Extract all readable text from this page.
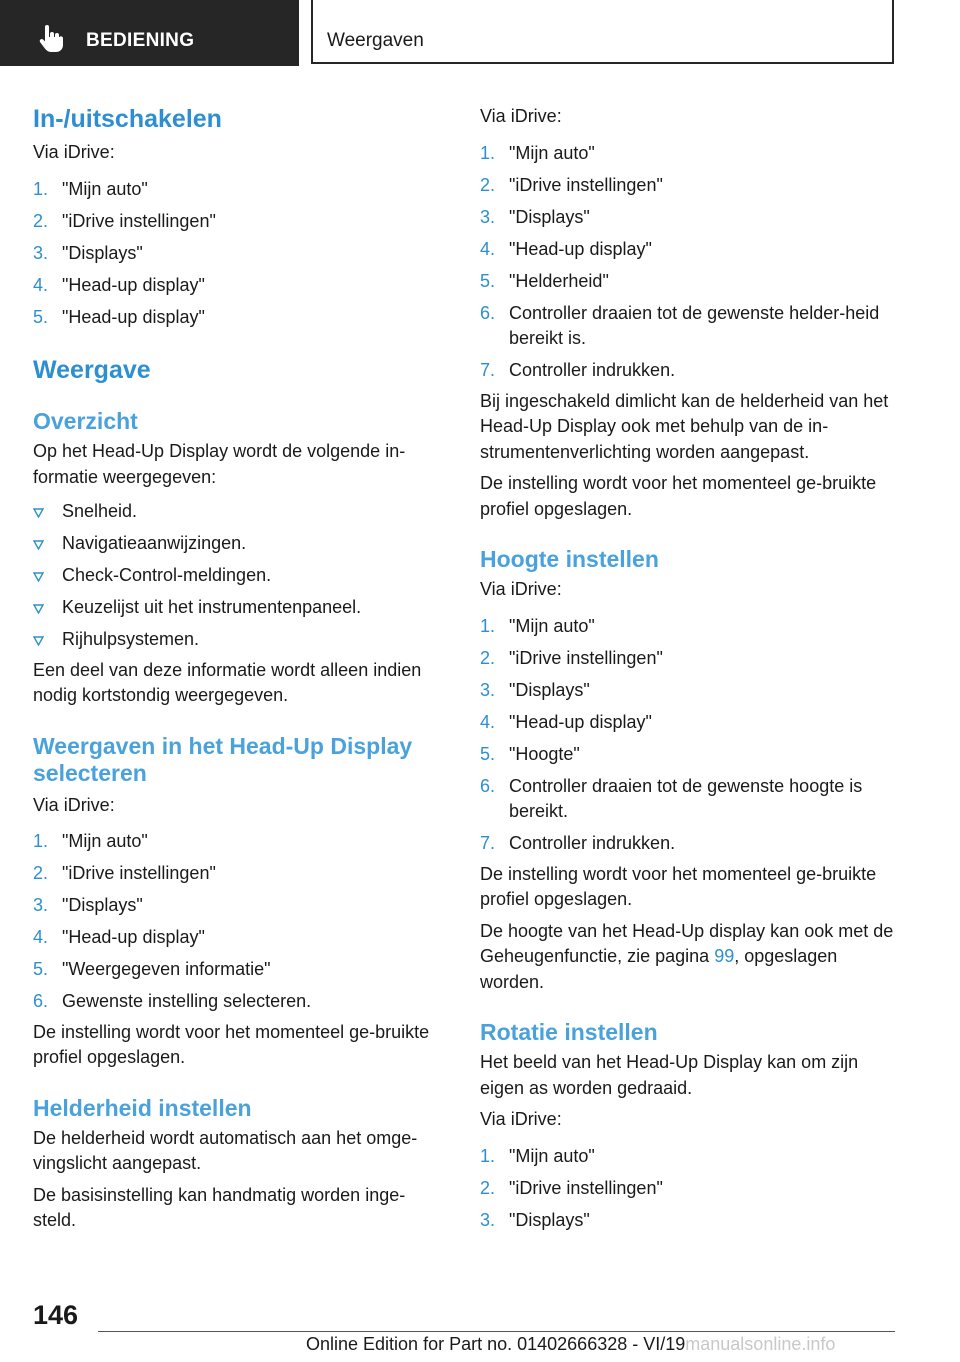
BEDIENING	Weergaven
In-/uitschakelen

Via iDrive:

1. "Mijn auto"
2. "iDrive instellingen"
3. "Displays"
4. "Head-up display"
5. "Head-up display"
Weergave
Overzicht

Op het Head-Up Display wordt de volgende in-formatie weergegeven:

Snelheid.
Navigatieaanwijzingen.
Check-Control-meldingen.
Keuzelijst uit het instrumentenpaneel.
Rijhulpsystemen.

Een deel van deze informatie wordt alleen indien nodig kortstondig weergegeven.

Weergaven in het Head-Up Display selecteren

Via iDrive:

1. "Mijn auto"
2. "iDrive instellingen"
3. "Displays"
4. "Head-up display"
5. "Weergegeven informatie"
6. Gewenste instelling selecteren.

De instelling wordt voor het momenteel ge-bruikte profiel opgeslagen.

Helderheid instellen

De helderheid wordt automatisch aan het omge-vingslicht aangepast.

De basisinstelling kan handmatig worden inge-steld.

Via iDrive:

1. "Mijn auto"
2. "iDrive instellingen"
3. "Displays"
4. "Head-up display"
5. "Helderheid"
6. Controller draaien tot de gewenste helder-heid bereikt is.
7. Controller indrukken.

Bij ingeschakeld dimlicht kan de helderheid van het Head-Up Display ook met behulp van de in-strumentenverlichting worden aangepast.

De instelling wordt voor het momenteel ge-bruikte profiel opgeslagen.

Hoogte instellen

Via iDrive:

1. "Mijn auto"
2. "iDrive instellingen"
3. "Displays"
4. "Head-up display"
5. "Hoogte"
6. Controller draaien tot de gewenste hoogte is bereikt.
7. Controller indrukken.

De instelling wordt voor het momenteel ge-bruikte profiel opgeslagen.

De hoogte van het Head-Up display kan ook met de Geheugenfunctie, zie pagina 99, opgeslagen worden.

Rotatie instellen

Het beeld van het Head-Up Display kan om zijn eigen as worden gedraaid.

Via iDrive:

1. "Mijn auto"
2. "iDrive instellingen"
3. "Displays"
146
Online Edition for Part no. 01402666328 - VI/19manualsonline.info
